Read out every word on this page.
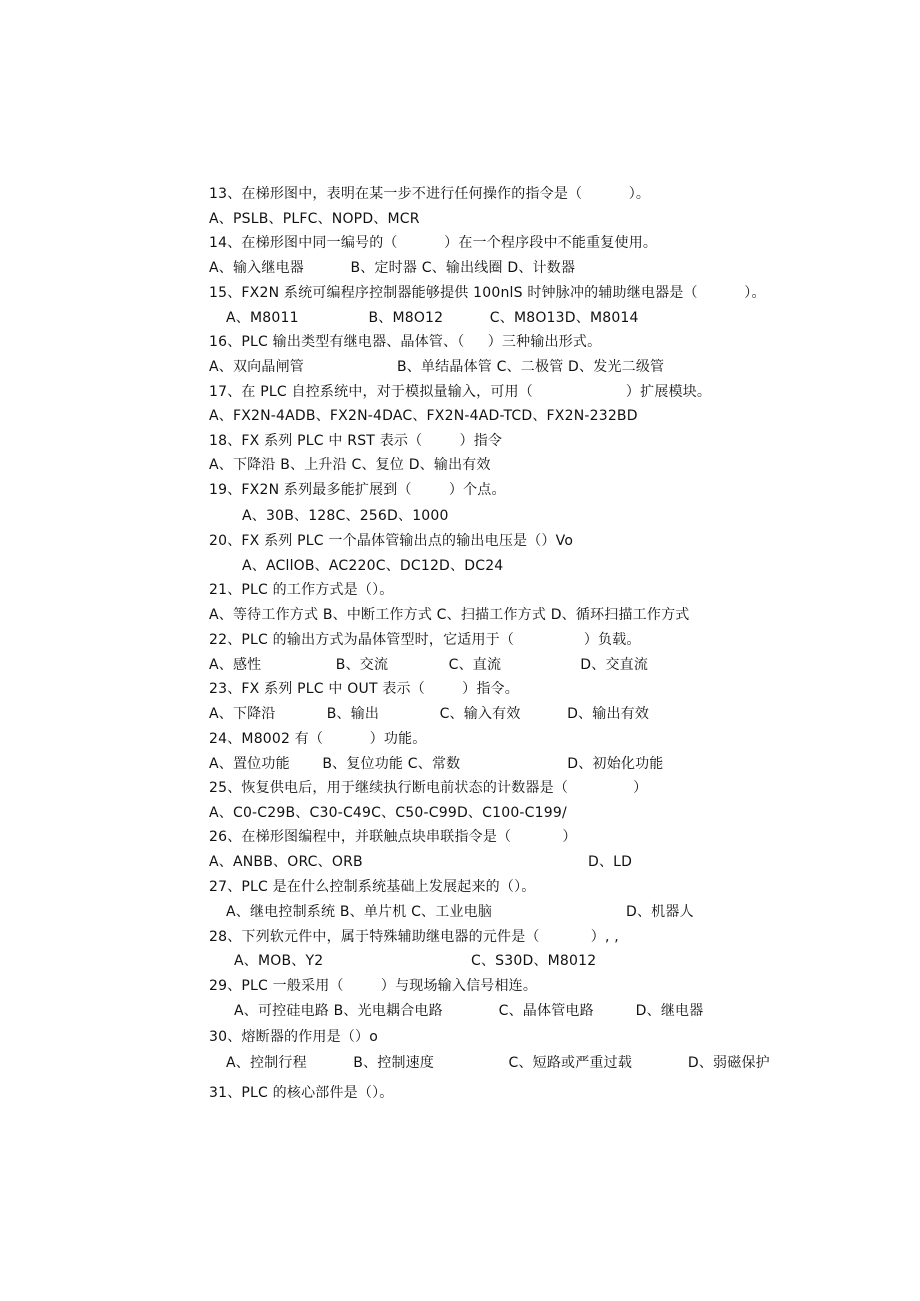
13、在梯形图中，表明在某一步不进行任何操作的指令是（          ）。
A、PSLB、PLFC、NOPD、MCR
14、在梯形图中同一编号的（          ）在一个程序段中不能重复使用。
A、输入继电器          B、定时器 C、输出线圈 D、计数器
15、FX2N 系统可编程序控制器能够提供 100nlS 时钟脉冲的辅助继电器是（          ）。
A、M8011               B、M8O12          C、M8O13D、M8014
16、PLC 输出类型有继电器、晶体管、（     ）三种输出形式。
A、双向晶闸管                    B、单结晶体管 C、二极管 D、发光二级管
17、在 PLC 自控系统中，对于模拟量输入，可用（                    ）扩展模块。
A、FX2N-4ADB、FX2N-4DAC、FX2N-4AD-TCD、FX2N-232BD
18、FX 系列 PLC 中 RST 表示（        ）指令
A、下降沿 B、上升沿 C、复位 D、输出有效
19、FX2N 系列最多能扩展到（        ）个点。
A、30B、128C、256D、1000
20、FX 系列 PLC 一个晶体管输出点的输出电压是（）Vo
A、ACllOB、AC220C、DC12D、DC24
21、PLC 的工作方式是（）。
A、等待工作方式 B、中断工作方式 C、扫描工作方式 D、循环扫描工作方式
22、PLC 的输出方式为晶体管型时，它适用于（               ）负载。
A、感性                B、交流             C、直流                 D、交直流
23、FX 系列 PLC 中 OUT 表示（        ）指令。
A、下降沿           B、输出             C、输入有效          D、输出有效
24、M8002 有（          ）功能。
A、置位功能       B、复位功能 C、常数                       D、初始化功能
25、恢复供电后，用于继续执行断电前状态的计数器是（              ）
A、C0-C29B、C30-C49C、C50-C99D、C100-C199/
26、在梯形图编程中，并联触点块串联指令是（           ）
A、ANBB、ORC、ORB	D、LD
27、PLC 是在什么控制系统基础上发展起来的（）。
A、继电控制系统 B、单片机 C、工业电脑	D、机器人
28、下列软元件中，属于特殊辅助继电器的元件是（           ）, ,
A、MOB、Y2	C、S30D、M8012
29、PLC 一般采用（        ）与现场输入信号相连。
A、可控硅电路 B、光电耦合电路            C、晶体管电路         D、继电器
30、熔断器的作用是（）o
A、控制行程          B、控制速度                C、短路或严重过载            D、弱磁保护
31、PLC 的核心部件是（）。
